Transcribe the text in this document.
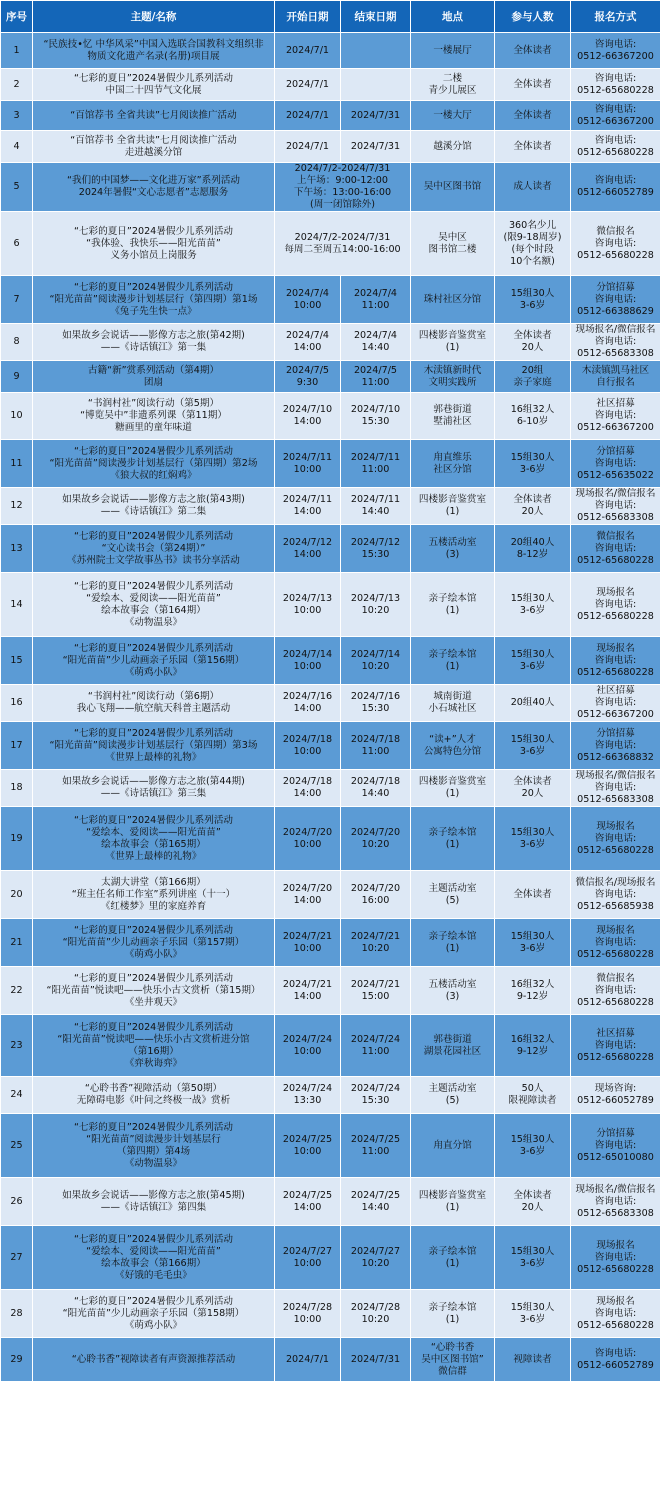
序号	主题/名称	开始日期	结束日期	地点	参与人数	报名方式
1	“民族技•忆 中华风采”中国入选联合国教科文组织非
物质文化遗产名录(名册)项目展	2024/7/1		一楼展厅	全体读者	咨询电话:
0512-66367200
2	“七彩的夏日”2024暑假少儿系列活动
中国二十四节气文化展	2024/7/1		二楼
青少儿展区	全体读者	咨询电话:
0512-65680228
3	“百馆荐书 全省共读”七月阅读推广活动	2024/7/1	2024/7/31	一楼大厅	全体读者	咨询电话:
0512-66367200
4	“百馆荐书 全省共读”七月阅读推广活动
走进越溪分馆	2024/7/1	2024/7/31	越溪分馆	全体读者	咨询电话:
0512-65680228
5	“我们的中国梦——文化进万家”系列活动
2024年暑假“文心志愿者”志愿服务	2024/7/2-2024/7/31
上午场：9:00-12:00
下午场：13:00-16:00
(周一闭馆除外)		吴中区图书馆	成人读者	咨询电话:
0512-66052789
6	“七彩的夏日”2024暑假少儿系列活动
“我体验、我快乐——阳光苗苗”
义务小馆员上岗服务	2024/7/2-2024/7/31
每周二至周五14:00-16:00		吴中区
图书馆二楼	360名少儿
(限9-18周岁)
(每个时段
10个名额)	微信报名
咨询电话:
0512-65680228
7	“七彩的夏日”2024暑假少儿系列活动
“阳光苗苗”阅读漫步计划基层行（第四期）第1场
《兔子先生快一点》	2024/7/4
10:00	2024/7/4
11:00	珠村社区分馆	15组30人
3-6岁	分馆招募
咨询电话:
0512-66388629
8	如果故乡会说话——影像方志之旅(第42期)
——《诗话镇江》第一集	2024/7/4
14:00	2024/7/4
14:40	四楼影音鉴赏室
(1)	全体读者
20人	现场报名/微信报名
咨询电话:
0512-65683308
9	古籍“新”赏系列活动（第4期）
团扇	2024/7/5
9:30	2024/7/5
11:00	木渎镇新时代
文明实践所	20组
亲子家庭	木渎镇凯马社区
自行报名
10	“书润村社”阅读行动（第5期）
“博览吴中”非遗系列课（第11期）
糖画里的童年味道	2024/7/10
14:00	2024/7/10
15:30	郭巷街道
墅浦社区	16组32人
6-10岁	社区招募
咨询电话:
0512-66367200
11	“七彩的夏日”2024暑假少儿系列活动
“阳光苗苗”阅读漫步计划基层行（第四期）第2场
《狼大叔的红焖鸡》	2024/7/11
10:00	2024/7/11
11:00	甪直维乐
社区分馆	15组30人
3-6岁	分馆招募
咨询电话:
0512-65635022
12	如果故乡会说话——影像方志之旅(第43期)
——《诗话镇江》第二集	2024/7/11
14:00	2024/7/11
14:40	四楼影音鉴赏室
(1)	全体读者
20人	现场报名/微信报名
咨询电话:
0512-65683308
13	“七彩的夏日”2024暑假少儿系列活动
“文心读书会（第24期）”
《苏州院士文学故事丛书》读书分享活动	2024/7/12
14:00	2024/7/12
15:30	五楼活动室
(3)	20组40人
8-12岁	微信报名
咨询电话:
0512-65680228
14	“七彩的夏日”2024暑假少儿系列活动
“爱绘本、爱阅读——阳光苗苗”
绘本故事会（第164期）
《动物温泉》	2024/7/13
10:00	2024/7/13
10:20	亲子绘本馆
(1)	15组30人
3-6岁	现场报名
咨询电话:
0512-65680228
15	“七彩的夏日”2024暑假少儿系列活动
“阳光苗苗”少儿动画亲子乐园（第156期）
《萌鸡小队》	2024/7/14
10:00	2024/7/14
10:20	亲子绘本馆
(1)	15组30人
3-6岁	现场报名
咨询电话:
0512-65680228
16	“书润村社”阅读行动（第6期）
我心飞翔——航空航天科普主题活动	2024/7/16
14:00	2024/7/16
15:30	城南街道
小石城社区	20组40人	社区招募
咨询电话:
0512-66367200
17	“七彩的夏日”2024暑假少儿系列活动
“阳光苗苗”阅读漫步计划基层行（第四期）第3场
《世界上最棒的礼物》	2024/7/18
10:00	2024/7/18
11:00	“读+”人才
公寓特色分馆	15组30人
3-6岁	分馆招募
咨询电话:
0512-66368832
18	如果故乡会说话——影像方志之旅(第44期)
——《诗话镇江》第三集	2024/7/18
14:00	2024/7/18
14:40	四楼影音鉴赏室
(1)	全体读者
20人	现场报名/微信报名
咨询电话:
0512-65683308
19	“七彩的夏日”2024暑假少儿系列活动
“爱绘本、爱阅读——阳光苗苗”
绘本故事会（第165期）
《世界上最棒的礼物》	2024/7/20
10:00	2024/7/20
10:20	亲子绘本馆
(1)	15组30人
3-6岁	现场报名
咨询电话:
0512-65680228
20	太湖大讲堂（第166期）
“班主任名师工作室”系列讲座（十一）
《红楼梦》里的家庭养育	2024/7/20
14:00	2024/7/20
16:00	主题活动室
(5)	全体读者	微信报名/现场报名
咨询电话:
0512-65685938
21	“七彩的夏日”2024暑假少儿系列活动
“阳光苗苗”少儿动画亲子乐园（第157期）
《萌鸡小队》	2024/7/21
10:00	2024/7/21
10:20	亲子绘本馆
(1)	15组30人
3-6岁	现场报名
咨询电话:
0512-65680228
22	“七彩的夏日”2024暑假少儿系列活动
“阳光苗苗”悦读吧——快乐小古文赏析（第15期）
《坐井观天》	2024/7/21
14:00	2024/7/21
15:00	五楼活动室
(3)	16组32人
9-12岁	微信报名
咨询电话:
0512-65680228
23	“七彩的夏日”2024暑假少儿系列活动
“阳光苗苗”悦读吧——快乐小古文赏析进分馆
（第16期）
《弈秋诲弈》	2024/7/24
10:00	2024/7/24
11:00	郭巷街道
湖景花园社区	16组32人
9-12岁	社区招募
咨询电话:
0512-65680228
24	“心聆书香”视障活动（第50期）
无障碍电影《叶问之终极一战》赏析	2024/7/24
13:30	2024/7/24
15:30	主题活动室
(5)	50人
限视障读者	现场咨询:
0512-66052789
25	“七彩的夏日”2024暑假少儿系列活动
“阳光苗苗”阅读漫步计划基层行
（第四期）第4场
《动物温泉》	2024/7/25
10:00	2024/7/25
11:00	甪直分馆	15组30人
3-6岁	分馆招募
咨询电话:
0512-65010080
26	如果故乡会说话——影像方志之旅(第45期)
——《诗话镇江》第四集	2024/7/25
14:00	2024/7/25
14:40	四楼影音鉴赏室
(1)	全体读者
20人	现场报名/微信报名
咨询电话:
0512-65683308
27	“七彩的夏日”2024暑假少儿系列活动
“爱绘本、爱阅读——阳光苗苗”
绘本故事会（第166期）
《好饿的毛毛虫》	2024/7/27
10:00	2024/7/27
10:20	亲子绘本馆
(1)	15组30人
3-6岁	现场报名
咨询电话:
0512-65680228
28	“七彩的夏日”2024暑假少儿系列活动
“阳光苗苗”少儿动画亲子乐园（第158期）
《萌鸡小队》	2024/7/28
10:00	2024/7/28
10:20	亲子绘本馆
(1)	15组30人
3-6岁	现场报名
咨询电话:
0512-65680228
29	“心聆书香”视障读者有声资源推荐活动	2024/7/1	2024/7/31	“心聆书香
吴中区图书馆”
微信群	视障读者	咨询电话:
0512-66052789
